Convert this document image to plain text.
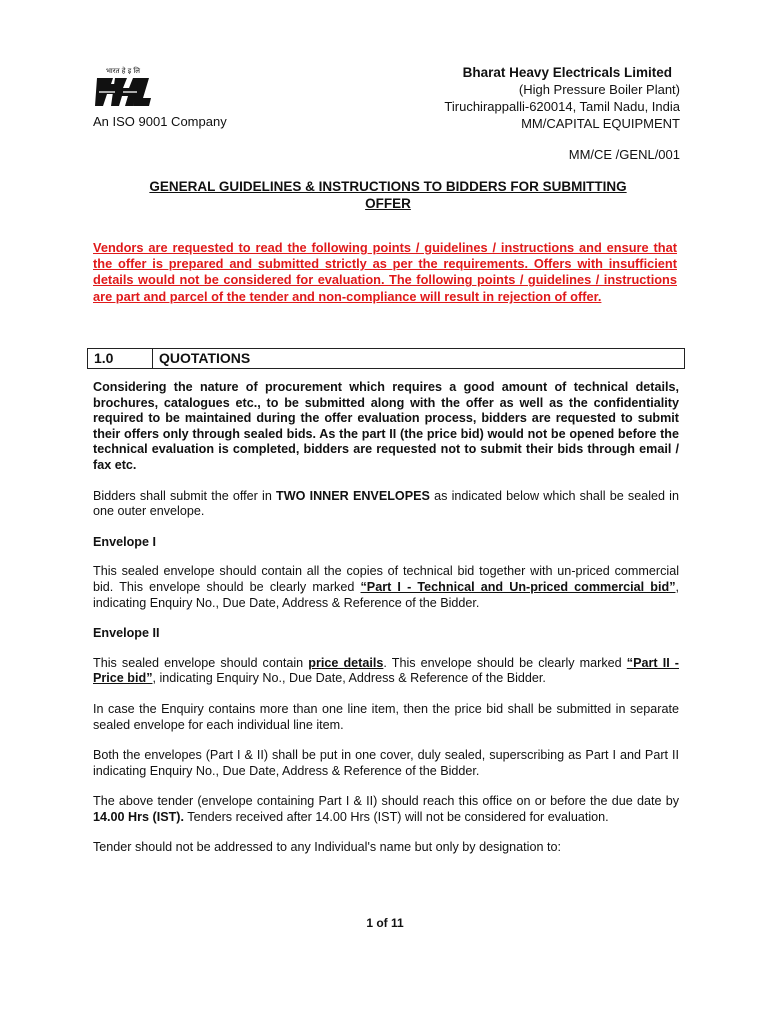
भारत हे इ लि
An ISO 9001 Company
Bharat Heavy Electricals Limited
(High Pressure Boiler Plant)
Tiruchirappalli-620014, Tamil Nadu, India
MM/CAPITAL EQUIPMENT
MM/CE /GENL/001
GENERAL GUIDELINES & INSTRUCTIONS TO BIDDERS FOR SUBMITTING
OFFER
Vendors are requested to read the following points / guidelines / instructions and ensure that the offer is prepared and submitted strictly as per the requirements. Offers with insufficient details would not be considered for evaluation. The following points / guidelines / instructions are part and parcel of the tender and non-compliance will result in rejection of offer.
1.0	QUOTATIONS

Considering the nature of procurement which requires a good amount of technical details, brochures, catalogues etc., to be submitted along with the offer as well as the confidentiality required to be maintained during the offer evaluation process, bidders are requested to submit their offers only through sealed bids. As the part II (the price bid) would not be opened before the technical evaluation is completed, bidders are requested not to submit their bids through email / fax etc.

Bidders shall submit the offer in TWO INNER ENVELOPES as indicated below which shall be sealed in one outer envelope.

Envelope I

This sealed envelope should contain all the copies of technical bid together with un-priced commercial bid. This envelope should be clearly marked “Part I - Technical and Un-priced commercial bid”, indicating Enquiry No., Due Date, Address & Reference of the Bidder.

Envelope II

This sealed envelope should contain price details. This envelope should be clearly marked “Part II - Price bid”, indicating Enquiry No., Due Date, Address & Reference of the Bidder.

In case the Enquiry contains more than one line item, then the price bid shall be submitted in separate sealed envelope for each individual line item.

Both the envelopes (Part I & II) shall be put in one cover, duly sealed, superscribing as Part I and Part II indicating Enquiry No., Due Date, Address & Reference of the Bidder.

The above tender (envelope containing Part I & II) should reach this office on or before the due date by 14.00 Hrs (IST). Tenders received after 14.00 Hrs (IST) will not be considered for evaluation.

Tender should not be addressed to any Individual's name but only by designation to:

1 of 11
